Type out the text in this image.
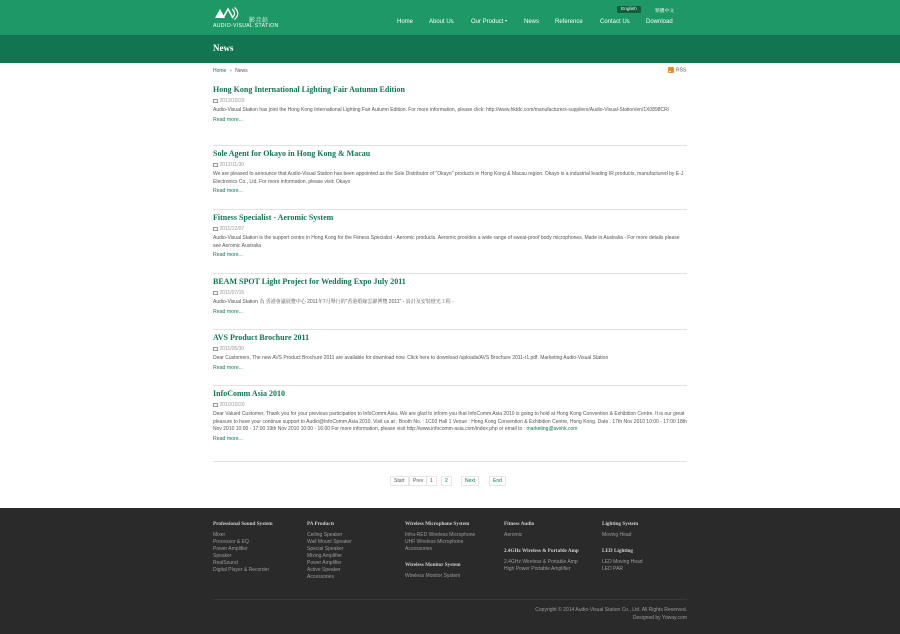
影音站
AUDIO-VISUAL STATION
English	繁體中文
Home	About Us	Our Product	News	Reference	Contact Us	Download
News
Home » News	RSS
Hong Kong International Lighting Fair Autumn Edition
2013/10/29

Audio-Visual Station has joint the Hong Kong International Lighting Fair Autumn Edition. For more information, please click: http://www.hktdc.com/manufacturers-suppliers/Audio-Visual-Station/en/1X0898CR/

Read more...
Sole Agent for Okayo in Hong Kong & Macau
2012/11/30

We are pleased to announce that Audio-Visual Station has been appointed as the Sole Distributor of "Okayo" products in Hong Kong & Macau region. Okayo is a industrial leading IR products, manufactured by E-J Electronics Co., Ltd. For more information, please visit: Okayo

Read more...
Fitness Specialist - Aeromic System
2011/12/07

Audio-Visual Station is the support centre in Hong Kong for the Fitness Specialist - Aeromic products. Aeromic provides a wide range of sweat-proof body microphones. Made in Australia - For more details please see Aeromic Australia

Read more...
BEAM SPOT Light Project for Wedding Expo July 2011
2011/07/15

Audio-Visual Station 為 香港會議展覽中心 2011年7月舉行的"香港婚嫁雲錦博覽 2011" - 設計及安裝燈光工程 -

Read more...
AVS Product Brochure 2011
2011/05/30

Dear Customers, The new AVS Product Brochure 2011 are available for download now. Click here to download /uploads/AVS Brochure 2011-r1.pdf. Marketing Audio-Visual Station

Read more...
InfoComm Asia 2010
2010/10/20

Dear Valued Customer, Thank you for your previous participation to InfoComm Asia. We are glad to inform you that InfoComm Asia 2010 is going to hold at Hong Kong Convention & Exhibition Centre. It is our great pleasure to have your continue support to Audio@InfoComm Asia 2010. Visit us at : Booth No. : 1C03 Hall 1 Venue : Hong Kong Convention & Exhibition Centre, Hong Kong. Date : 17th Nov 2010 10:00 - 17:00 18th Nov 2010 10:00 - 17:00 19th Nov 2010 10:00 - 16:00 For more information, please visit http://www.infocomm-asia.com/index.php or email to : marketing@avshk.com

Read more...
Start	Prev	1	2	Next	End
Professional Sound System
Mixer
Processor & EQ
Power Amplifier
Speaker
RealSound
Digital Player & Recorder
PA Products
Ceiling Speaker
Wall Mount Speaker
Special Speaker
Mixing Amplifier
Power Amplifier
Active Speaker
Accessories
Wireless Microphone System
Infra-RED Wireless Microphone
UHF Wireless Microphone
Accessories
Wireless Monitor System
Wireless Monitor System
Fitness Audio
Aeromic
2.4GHz Wireless & Portable Amp
2.4GHz Wireless & Portable Amp
High Power Portable Amplifier
Lighting System
Moving Head
LED Lighting
LED Moving Head
LED PAR
Copyright © 2014 Audio-Visual Station Co., Ltd. All Rights Reserved.
Designed by Yoway.com
